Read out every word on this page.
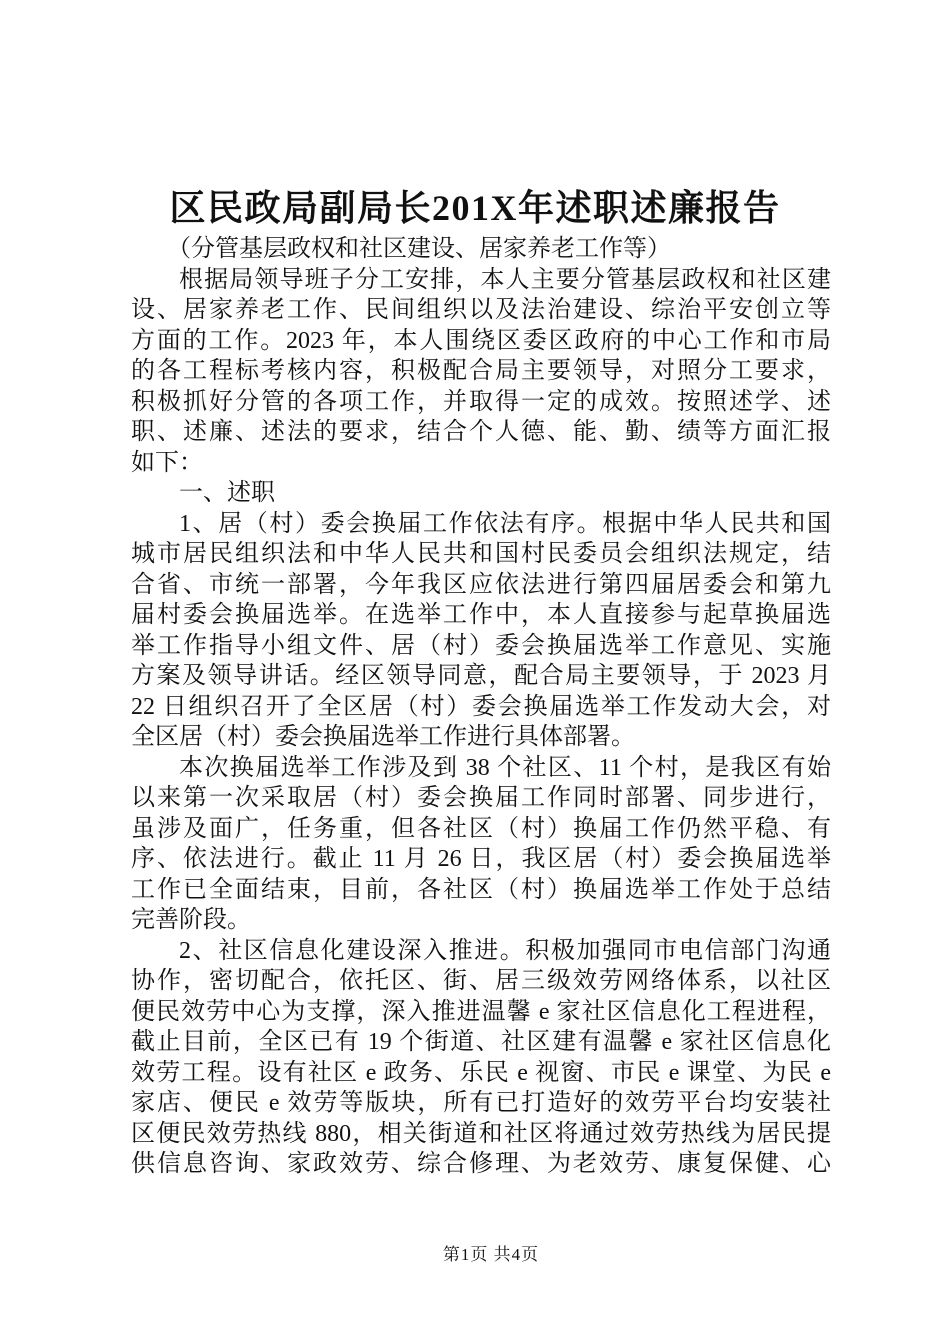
区民政局副局长201X年述职述廉报告
（分管基层政权和社区建设、居家养老工作等）
根据局领导班子分工安排，本人主要分管基层政权和社区建
设、居家养老工作、民间组织以及法治建设、综治平安创立等
方面的工作。2023 年，本人围绕区委区政府的中心工作和市局
的各工程标考核内容，积极配合局主要领导，对照分工要求，
积极抓好分管的各项工作，并取得一定的成效。按照述学、述
职、述廉、述法的要求，结合个人德、能、勤、绩等方面汇报
如下：
一、述职
1、居（村）委会换届工作依法有序。根据中华人民共和国
城市居民组织法和中华人民共和国村民委员会组织法规定，结
合省、市统一部署，今年我区应依法进行第四届居委会和第九
届村委会换届选举。在选举工作中，本人直接参与起草换届选
举工作指导小组文件、居（村）委会换届选举工作意见、实施
方案及领导讲话。经区领导同意，配合局主要领导，于 2023 月
22 日组织召开了全区居（村）委会换届选举工作发动大会，对
全区居（村）委会换届选举工作进行具体部署。
本次换届选举工作涉及到 38 个社区、11 个村，是我区有始
以来第一次采取居（村）委会换届工作同时部署、同步进行，
虽涉及面广，任务重，但各社区（村）换届工作仍然平稳、有
序、依法进行。截止 11 月 26 日，我区居（村）委会换届选举
工作已全面结束，目前，各社区（村）换届选举工作处于总结
完善阶段。
2、社区信息化建设深入推进。积极加强同市电信部门沟通
协作，密切配合，依托区、街、居三级效劳网络体系，以社区
便民效劳中心为支撑，深入推进温馨 e 家社区信息化工程进程，
截止目前，全区已有 19 个街道、社区建有温馨 e 家社区信息化
效劳工程。设有社区 e 政务、乐民 e 视窗、市民 e 课堂、为民 e
家店、便民 e 效劳等版块，所有已打造好的效劳平台均安装社
区便民效劳热线 880，相关街道和社区将通过效劳热线为居民提
供信息咨询、家政效劳、综合修理、为老效劳、康复保健、心
第1页 共4页
